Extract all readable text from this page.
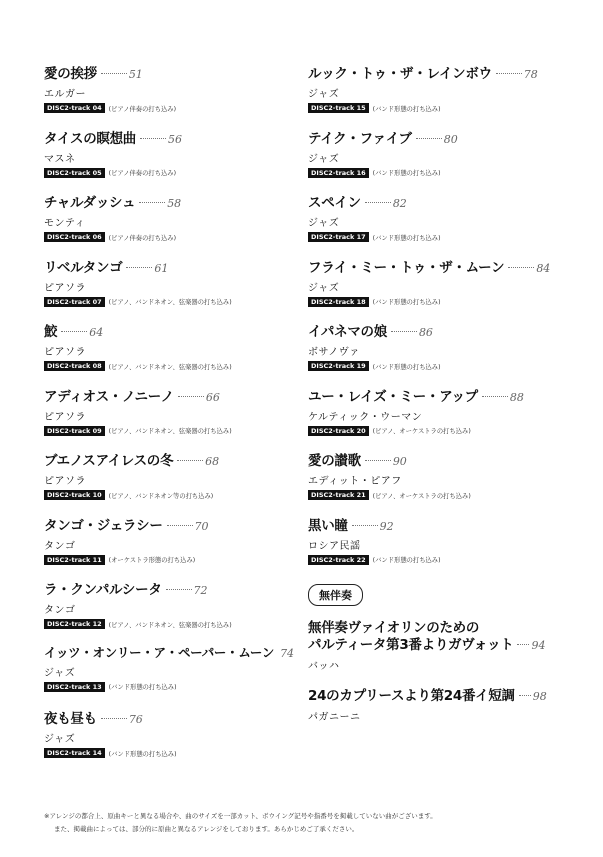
愛の挨拶	51
エルガー
DISC2-track 04	(ピアノ伴奏の打ち込み)
タイスの瞑想曲	56
マスネ
DISC2-track 05	(ピアノ伴奏の打ち込み)
チャルダッシュ	58
モンティ
DISC2-track 06	(ピアノ伴奏の打ち込み)
リベルタンゴ	61
ピアソラ
DISC2-track 07	(ピアノ、バンドネオン、弦楽器の打ち込み)
鮫	64
ピアソラ
DISC2-track 08	(ピアノ、バンドネオン、弦楽器の打ち込み)
アディオス・ノニーノ	66
ピアソラ
DISC2-track 09	(ピアノ、バンドネオン、弦楽器の打ち込み)
ブエノスアイレスの冬	68
ピアソラ
DISC2-track 10	(ピアノ、バンドネオン等の打ち込み)
タンゴ・ジェラシー	70
タンゴ
DISC2-track 11	(オーケストラ形態の打ち込み)
ラ・クンパルシータ	72
タンゴ
DISC2-track 12	(ピアノ、バンドネオン、弦楽器の打ち込み)
イッツ・オンリー・ア・ペーパー・ムーン 74
ジャズ
DISC2-track 13	(バンド形態の打ち込み)
夜も昼も	76
ジャズ
DISC2-track 14	(バンド形態の打ち込み)
ルック・トゥ・ザ・レインボウ	78
ジャズ
DISC2-track 15	(バンド形態の打ち込み)
テイク・ファイブ	80
ジャズ
DISC2-track 16	(バンド形態の打ち込み)
スペイン	82
ジャズ
DISC2-track 17	(バンド形態の打ち込み)
フライ・ミー・トゥ・ザ・ムーン	84
ジャズ
DISC2-track 18	(バンド形態の打ち込み)
イパネマの娘	86
ボサノヴァ
DISC2-track 19	(バンド形態の打ち込み)
ユー・レイズ・ミー・アップ	88
ケルティック・ウーマン
DISC2-track 20	(ピアノ、オーケストラの打ち込み)
愛の讃歌	90
エディット・ピアフ
DISC2-track 21	(ピアノ、オーケストラの打ち込み)
黒い瞳	92
ロシア民謡
DISC2-track 22	(バンド形態の打ち込み)
無伴奏
無伴奏ヴァイオリンのための
パルティータ第3番よりガヴォット 94
バッハ
24のカプリースより第24番イ短調 98
パガニーニ
※アレンジの都合上、原曲キーと異なる場合や、曲のサイズを一部カット、ボウイング記号や指番号を掲載していない曲がございます。
また、掲載曲によっては、部分的に原曲と異なるアレンジをしております。あらかじめご了承ください。
